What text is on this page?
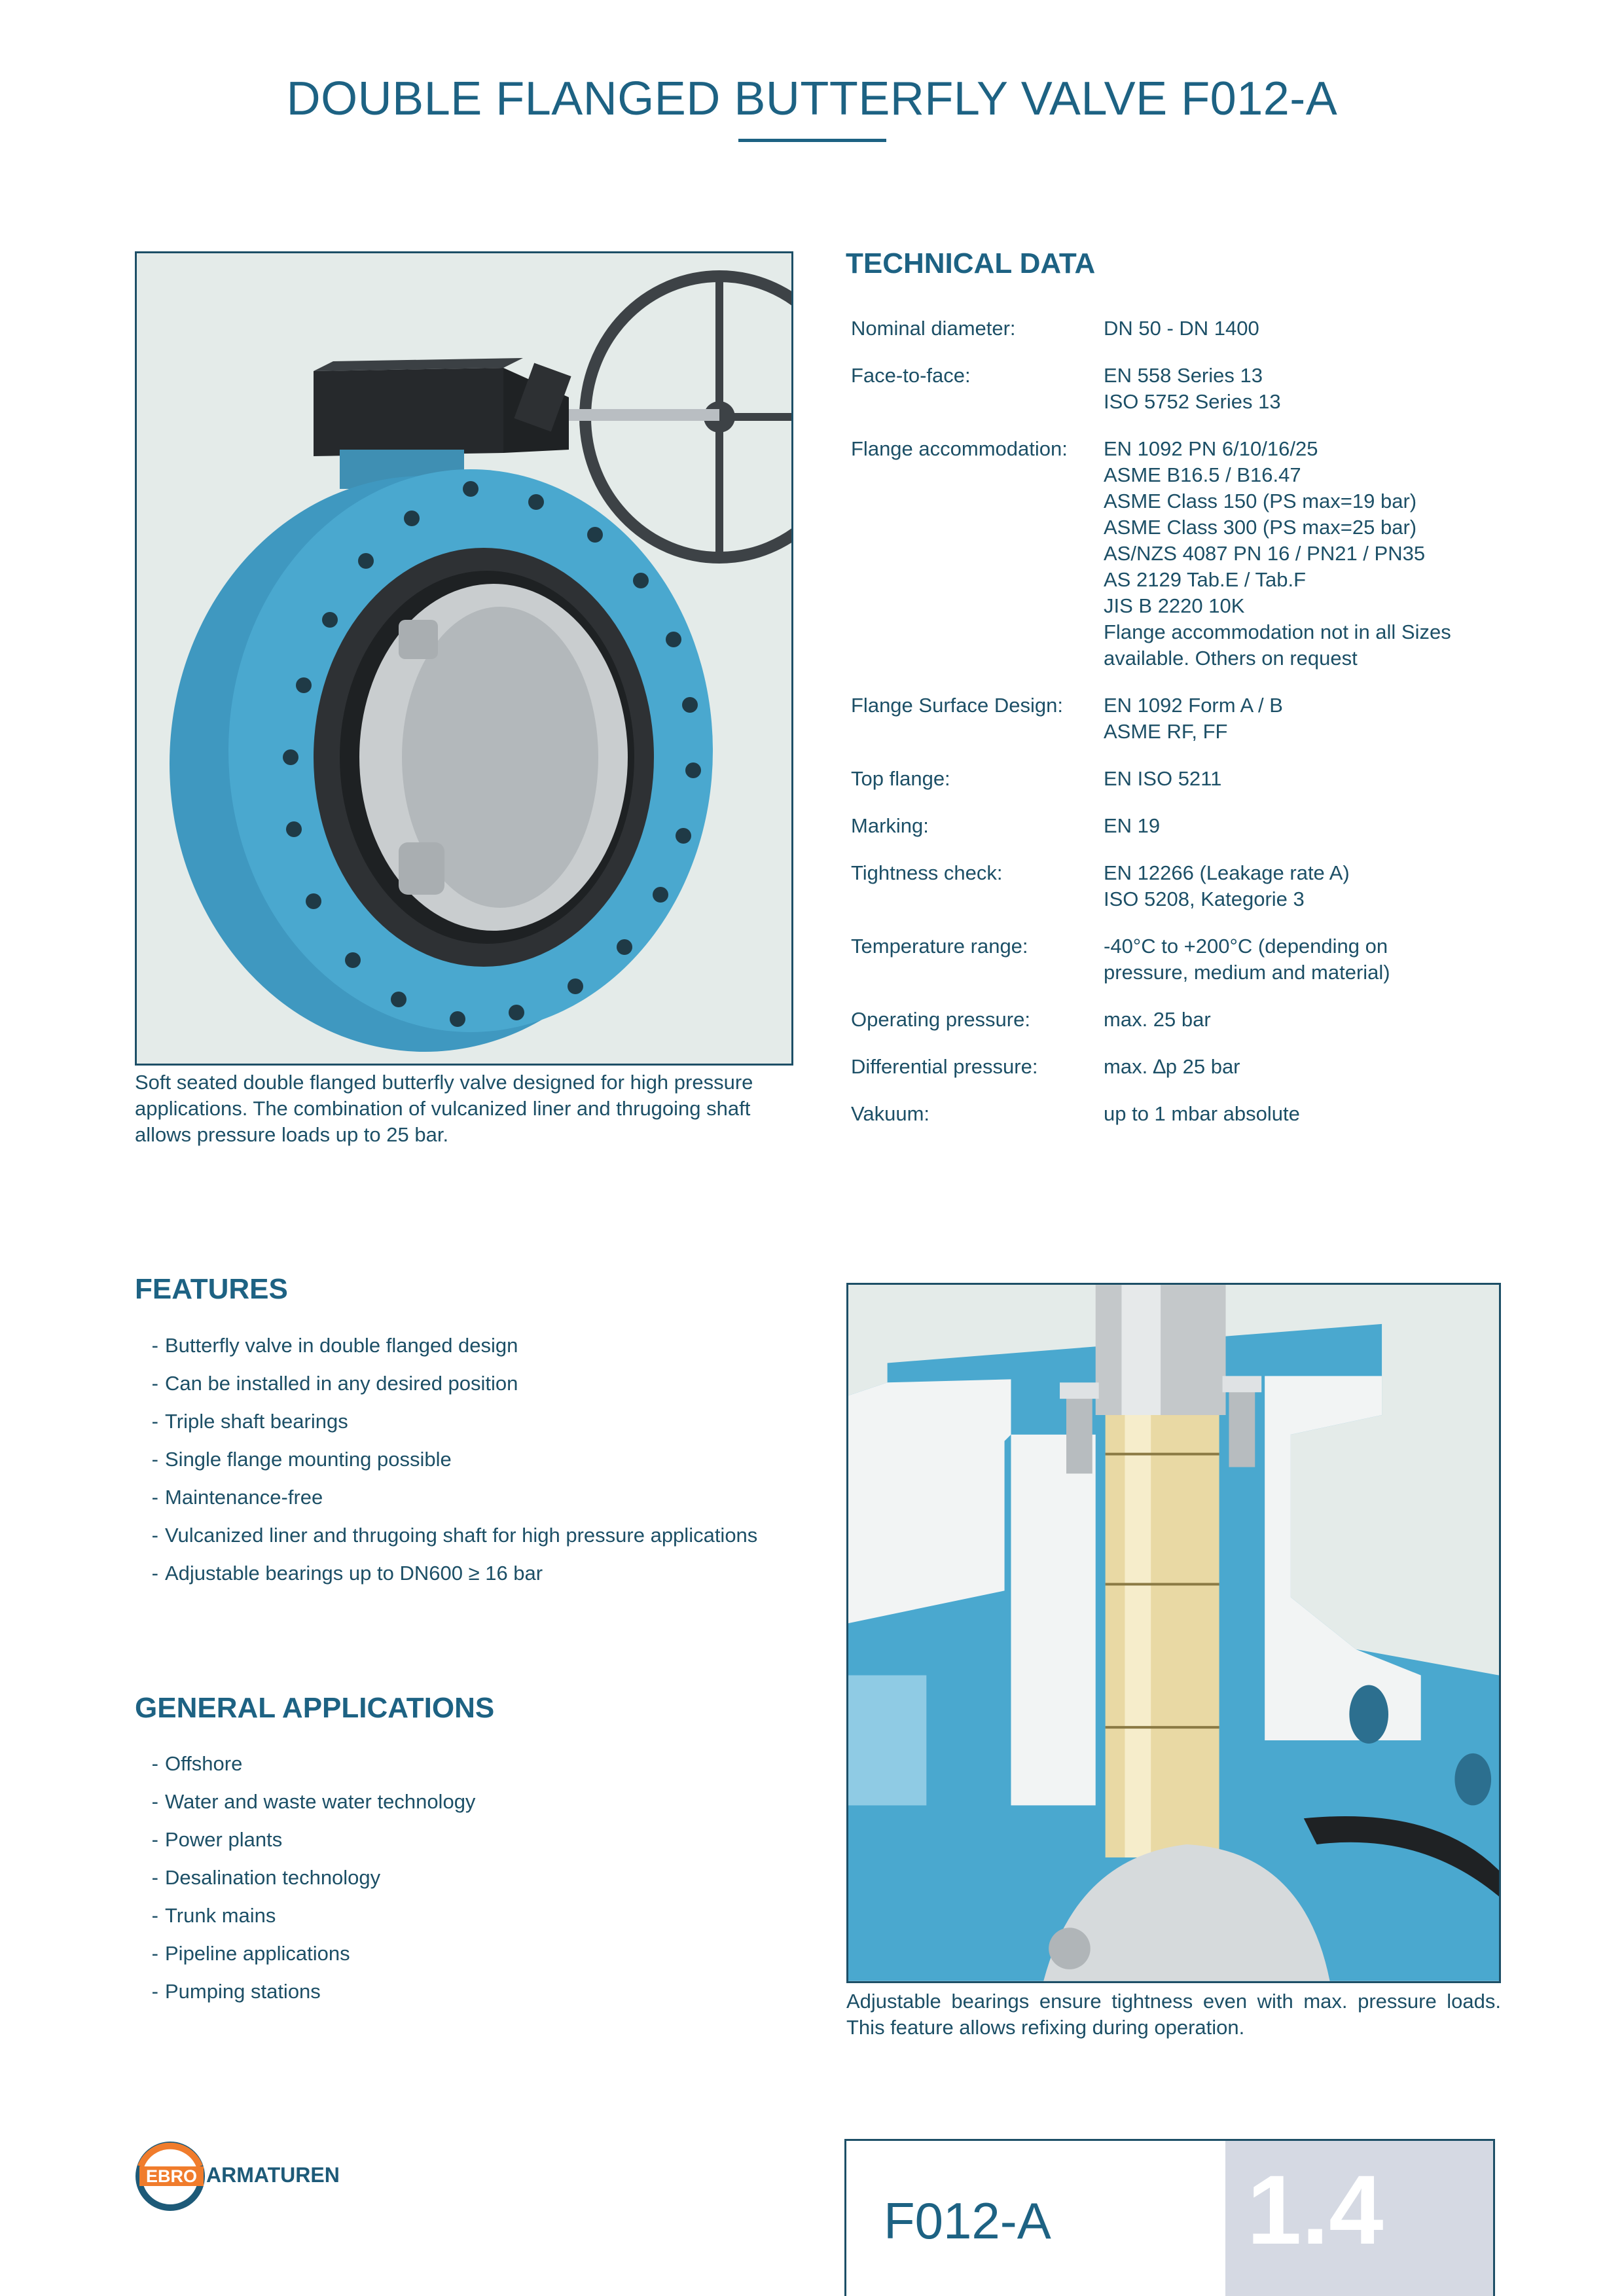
DOUBLE FLANGED BUTTERFLY VALVE F012-A
Soft seated double flanged butterfly valve designed for high pressure applications. The combination of vulcanized liner and thrugoing shaft allows pressure loads up to 25 bar.
TECHNICAL DATA
Nominal diameter:	DN 50 - DN 1400
Face-to-face:	EN 558 Series 13
ISO 5752 Series 13
Flange accommodation:	EN 1092 PN 6/10/16/25
ASME B16.5 / B16.47
ASME Class 150 (PS max=19 bar)
ASME Class 300 (PS max=25 bar)
AS/NZS 4087 PN 16 / PN21 / PN35
AS 2129 Tab.E / Tab.F
JIS B 2220 10K
Flange accommodation not in all Sizes
available. Others on request
Flange Surface Design:	EN 1092 Form A / B
ASME RF, FF
Top flange:	EN ISO 5211
Marking:	EN 19
Tightness check:	EN 12266 (Leakage rate A)
ISO 5208, Kategorie 3
Temperature range:	-40°C to +200°C (depending on
pressure, medium and material)
Operating pressure:	max. 25 bar
Differential pressure:	max. ∆p 25 bar
Vakuum:	up to 1 mbar absolute
FEATURES
- Butterfly valve in double flanged design
- Can be installed in any desired position
- Triple shaft bearings
- Single flange mounting possible
- Maintenance-free
- Vulcanized liner and thrugoing shaft for high pressure applications
- Adjustable bearings up to DN600 ≥ 16 bar
GENERAL APPLICATIONS
- Offshore
- Water and waste water technology
- Power plants
- Desalination technology
- Trunk mains
- Pipeline applications
- Pumping stations	Adjustable bearings ensure tightness even with max. pressure loads. This feature allows refixing during operation.
EBRO ARMATUREN
F012-A 1.4
